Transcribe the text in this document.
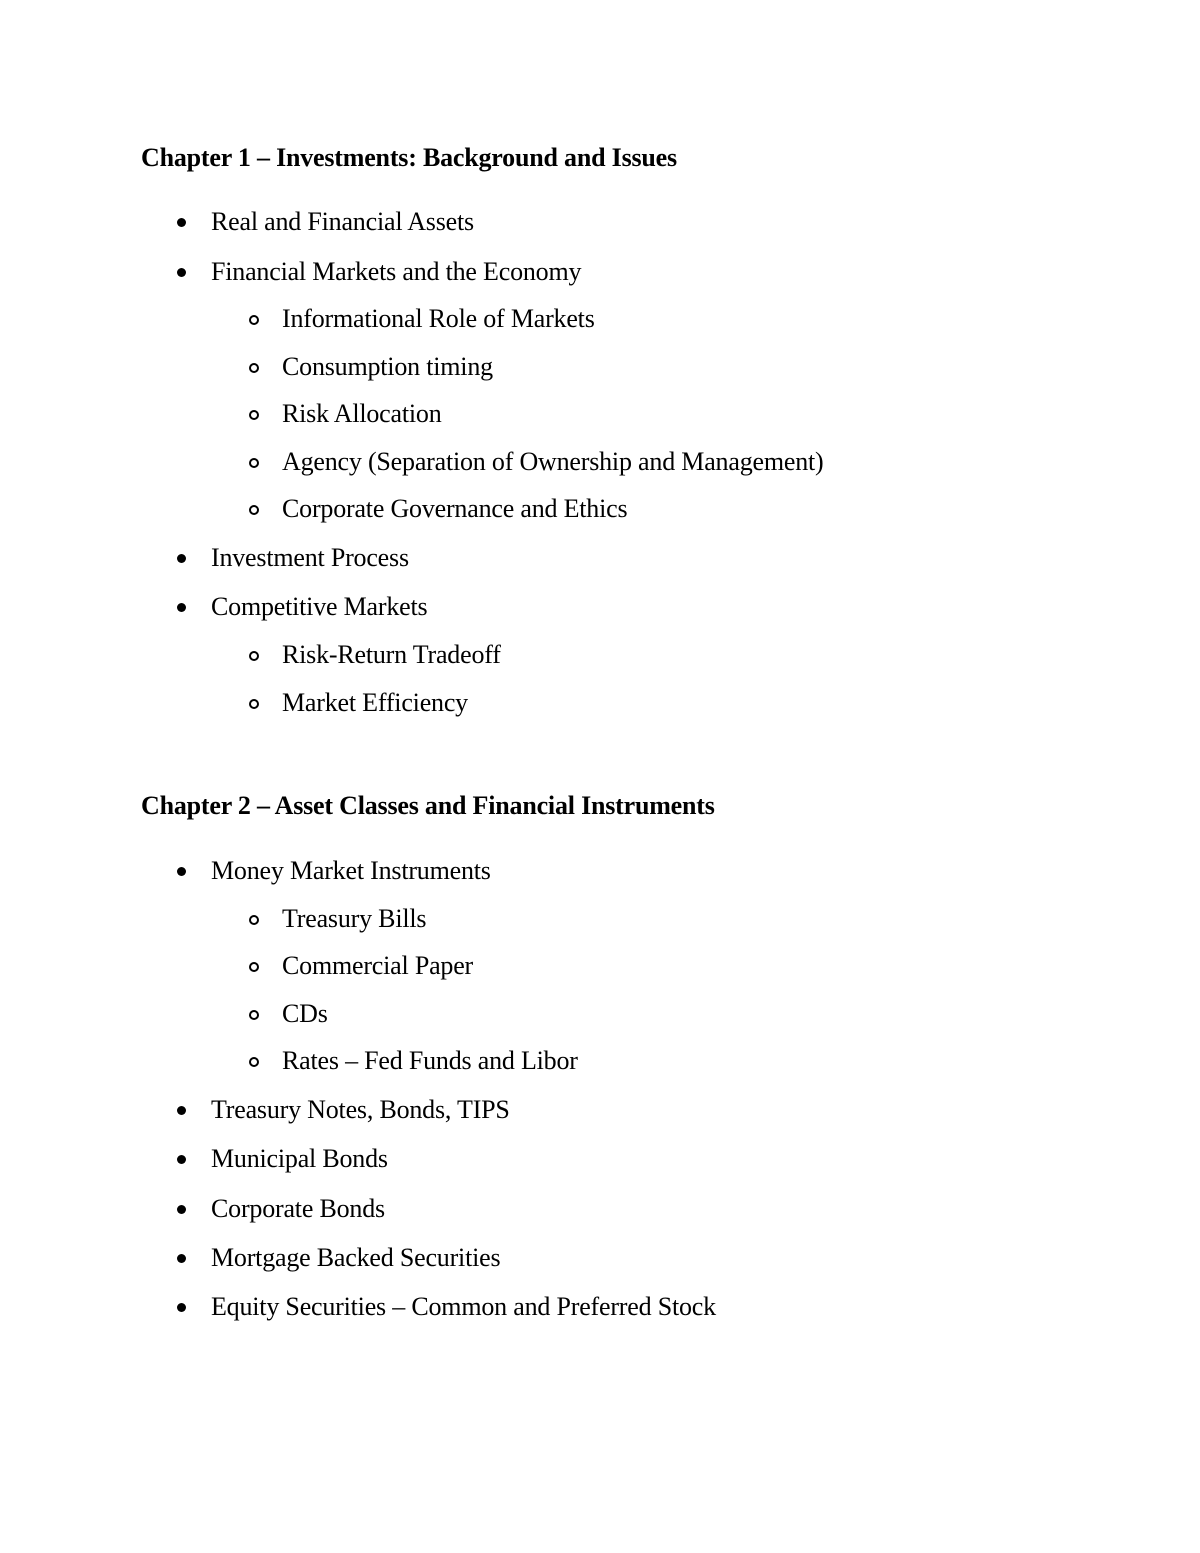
Chapter 1 – Investments: Background and Issues
Real and Financial Assets
Financial Markets and the Economy
Informational Role of Markets
Consumption timing
Risk Allocation
Agency (Separation of Ownership and Management)
Corporate Governance and Ethics
Investment Process
Competitive Markets
Risk-Return Tradeoff
Market Efficiency
Chapter 2 – Asset Classes and Financial Instruments
Money Market Instruments
Treasury Bills
Commercial Paper
CDs
Rates – Fed Funds and Libor
Treasury Notes, Bonds, TIPS
Municipal Bonds
Corporate Bonds
Mortgage Backed Securities
Equity Securities – Common and Preferred Stock
